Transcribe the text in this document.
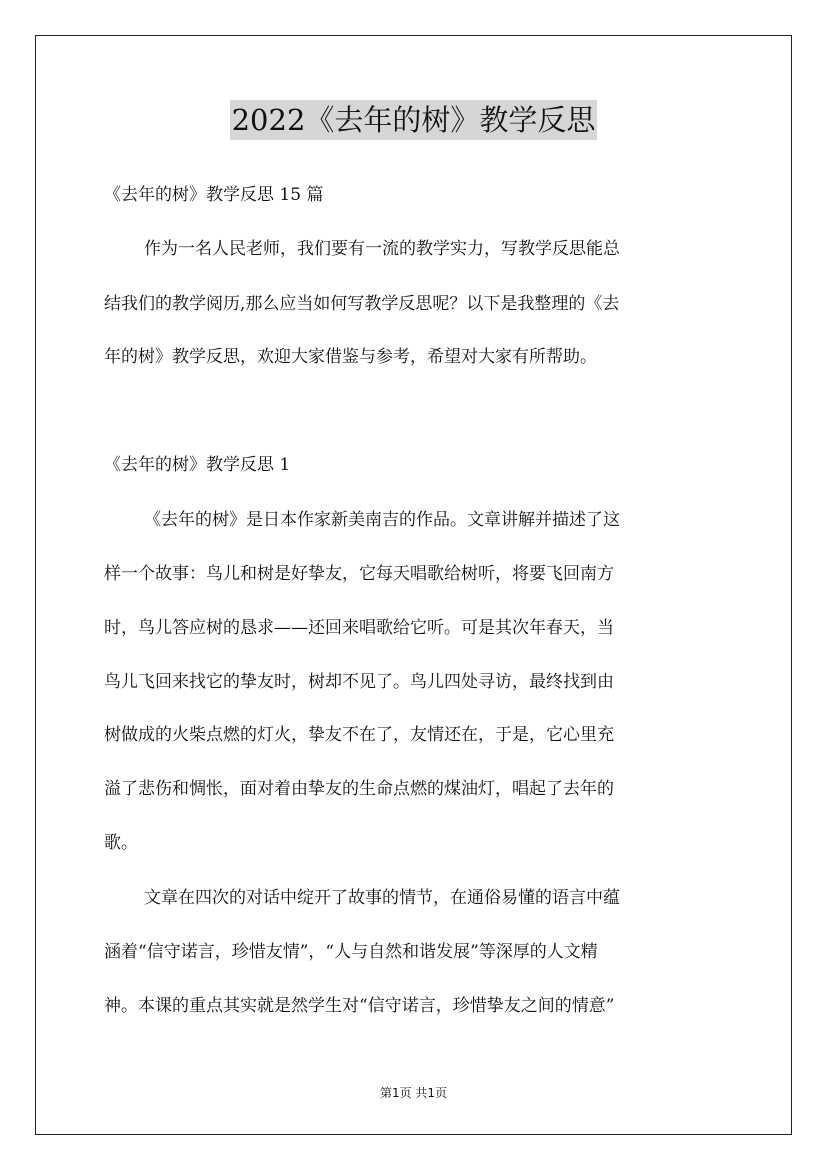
2022《去年的树》教学反思
《去年的树》教学反思 15 篇
作为一名人民老师，我们要有一流的教学实力，写教学反思能总
结我们的教学阅历,那么应当如何写教学反思呢？以下是我整理的《去
年的树》教学反思，欢迎大家借鉴与参考，希望对大家有所帮助。
《去年的树》教学反思 1
《去年的树》是日本作家新美南吉的作品。文章讲解并描述了这
样一个故事：鸟儿和树是好挚友，它每天唱歌给树听，将要飞回南方
时，鸟儿答应树的恳求——还回来唱歌给它听。可是其次年春天，当
鸟儿飞回来找它的挚友时，树却不见了。鸟儿四处寻访，最终找到由
树做成的火柴点燃的灯火，挚友不在了，友情还在，于是，它心里充
溢了悲伤和惆怅，面对着由挚友的生命点燃的煤油灯，唱起了去年的
歌。
文章在四次的对话中绽开了故事的情节，在通俗易懂的语言中蕴
涵着“信守诺言，珍惜友情”，“人与自然和谐发展”等深厚的人文精
神。本课的重点其实就是然学生对“信守诺言，珍惜挚友之间的情意”
第1页 共1页
